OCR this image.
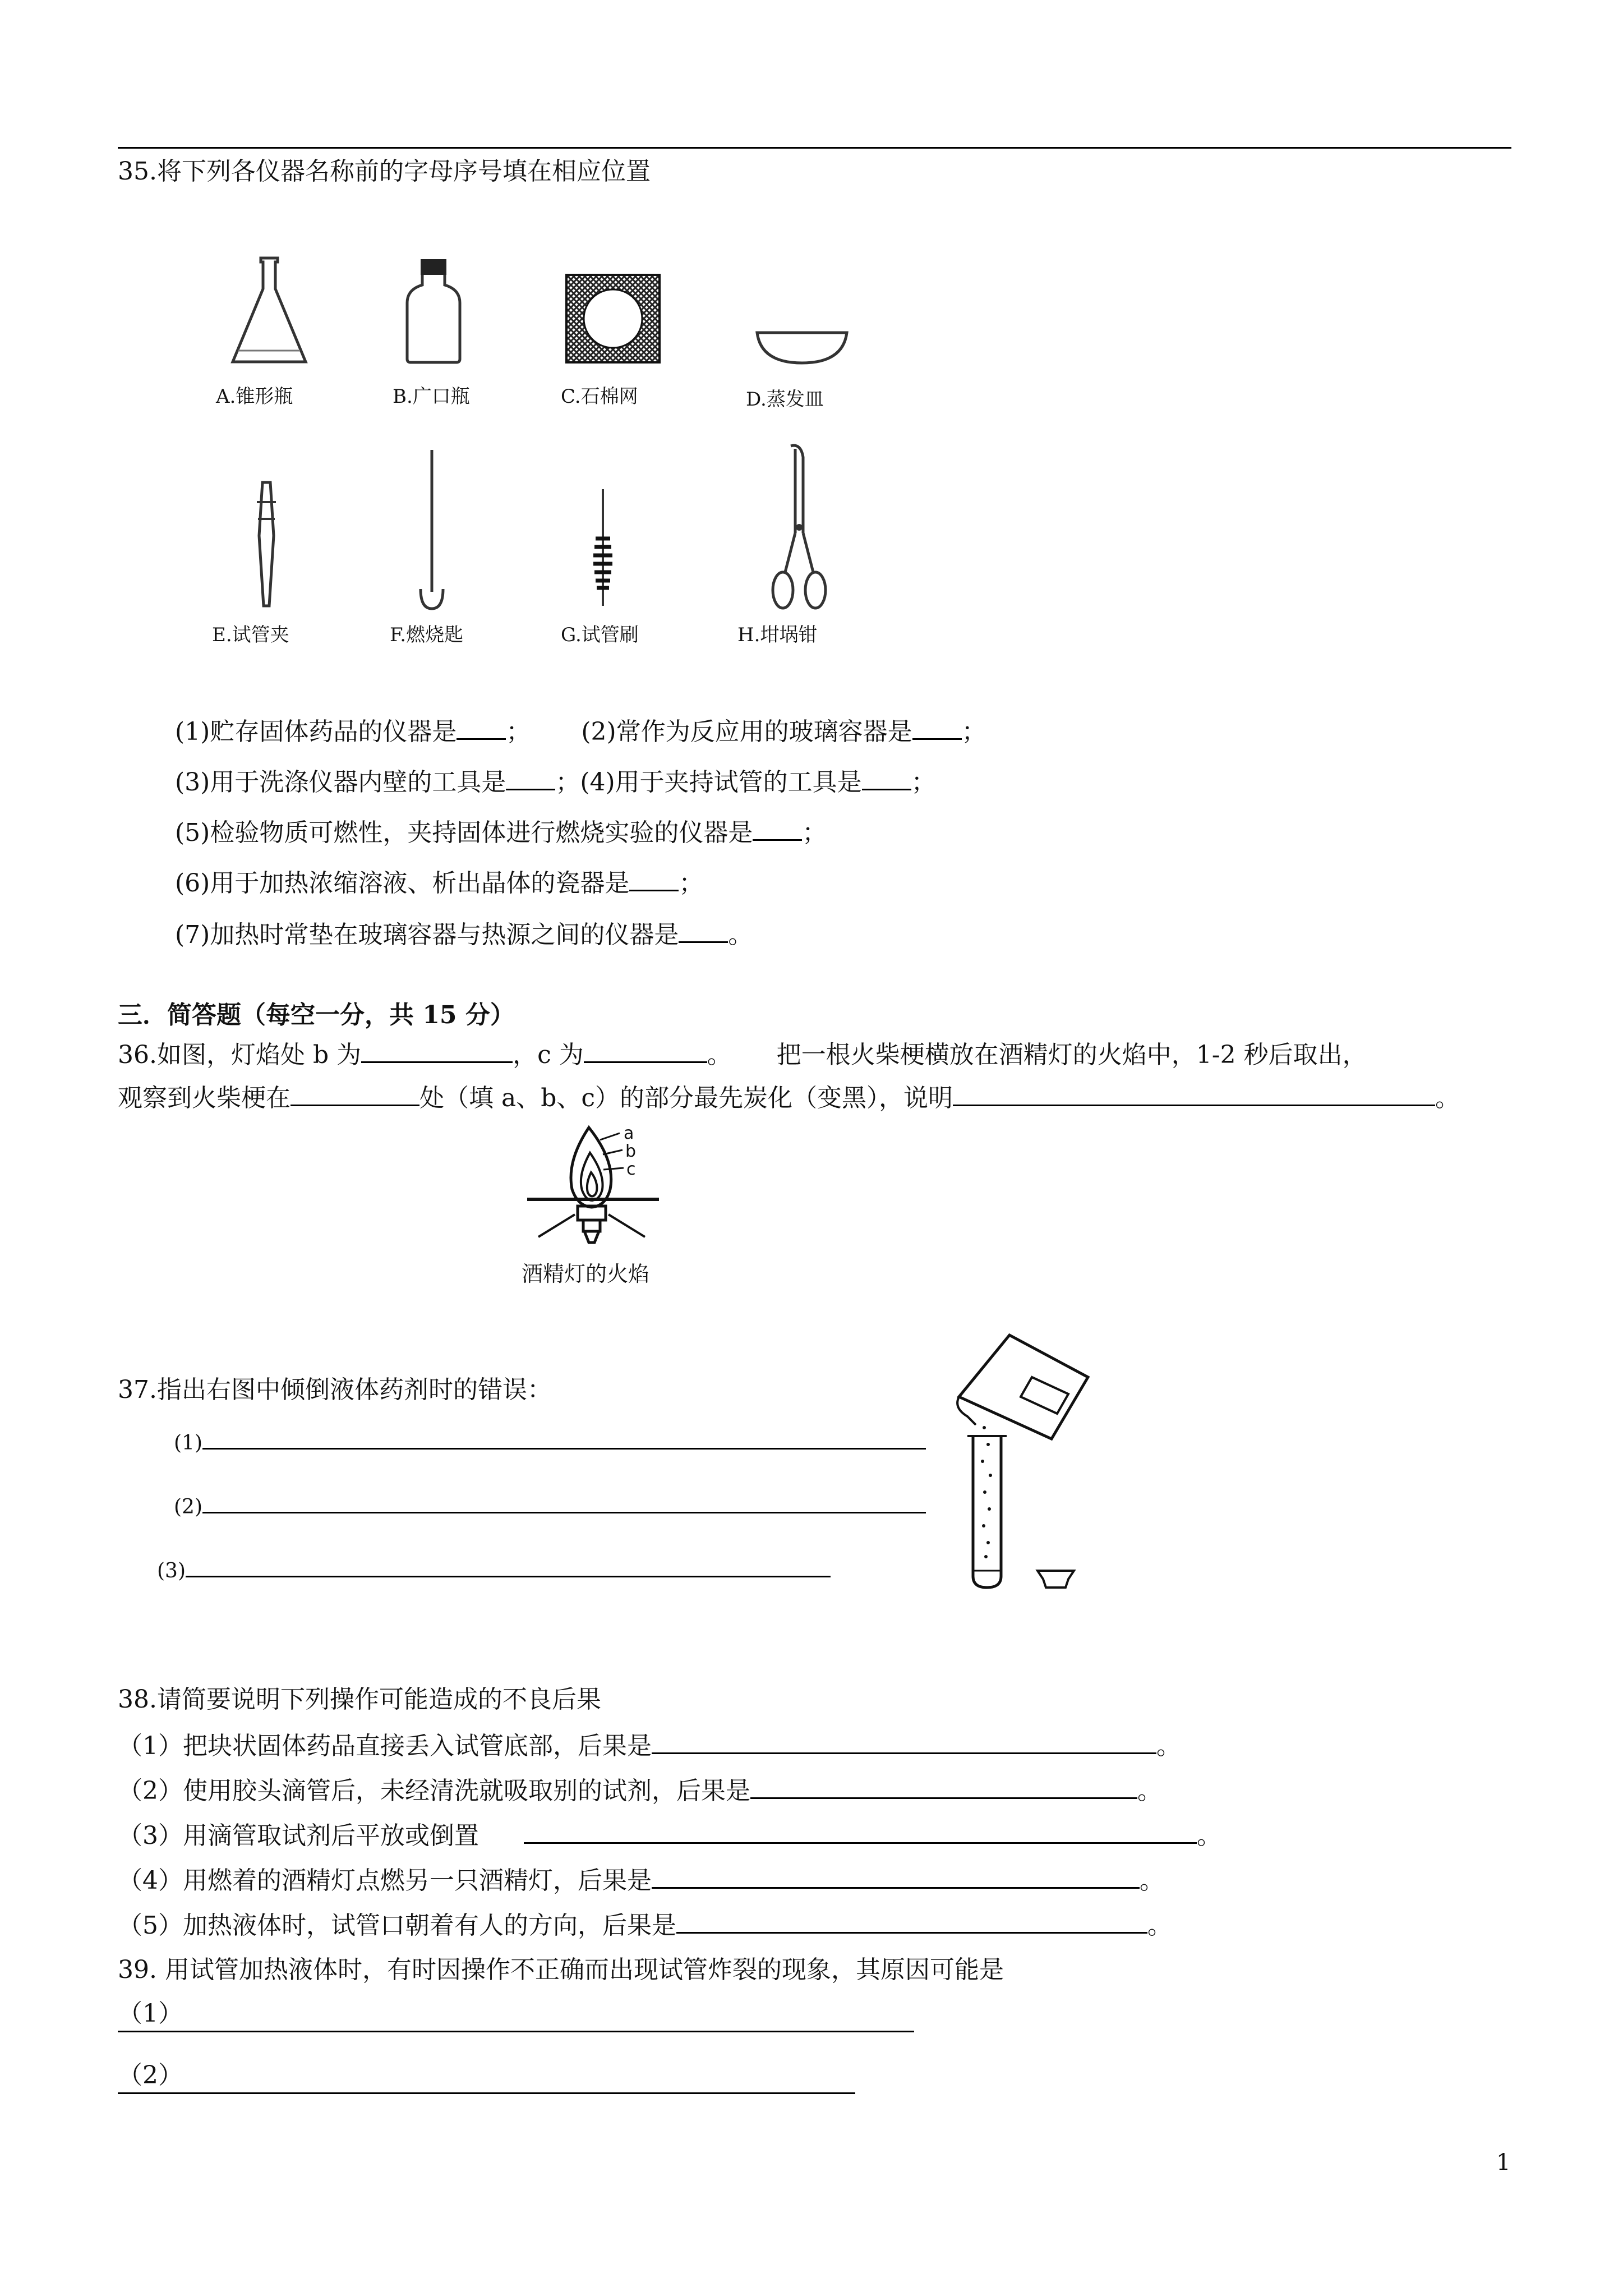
35.将下列各仪器名称前的字母序号填在相应位置
A.锥形瓶	B.广口瓶	C.石棉网	D.蒸发皿
E.试管夹	F.燃烧匙	G.试管刷	H.坩埚钳
(1)贮存固体药品的仪器是 ； (2)常作为反应用的玻璃容器是 ；
(3)用于洗涤仪器内壁的工具是 ；(4)用于夹持试管的工具是 ；
(5)检验物质可燃性，夹持固体进行燃烧实验的仪器是 ；
(6)用于加热浓缩溶液、析出晶体的瓷器是 ；
(7)加热时常垫在玻璃容器与热源之间的仪器是 。
三．简答题（每空一分，共 15 分）
36.如图，灯焰处 b 为	，c 为	。 把一根火柴梗横放在酒精灯的火焰中，1-2 秒后取出，
观察到火柴梗在	处（填 a、b、c）的部分最先炭化（变黑），说明	。
a
b
c
酒精灯的火焰
37.指出右图中倾倒液体药剂时的错误：
(1)
(2)
(3)
38.请简要说明下列操作可能造成的不良后果
（1）把块状固体药品直接丢入试管底部，后果是	。
（2）使用胶头滴管后，未经清洗就吸取别的试剂，后果是	。
（3）用滴管取试剂后平放或倒置	。
（4）用燃着的酒精灯点燃另一只酒精灯，后果是	。
（5）加热液体时，试管口朝着有人的方向，后果是	。
39. 用试管加热液体时，有时因操作不正确而出现试管炸裂的现象，其原因可能是
（1）
（2）
1
